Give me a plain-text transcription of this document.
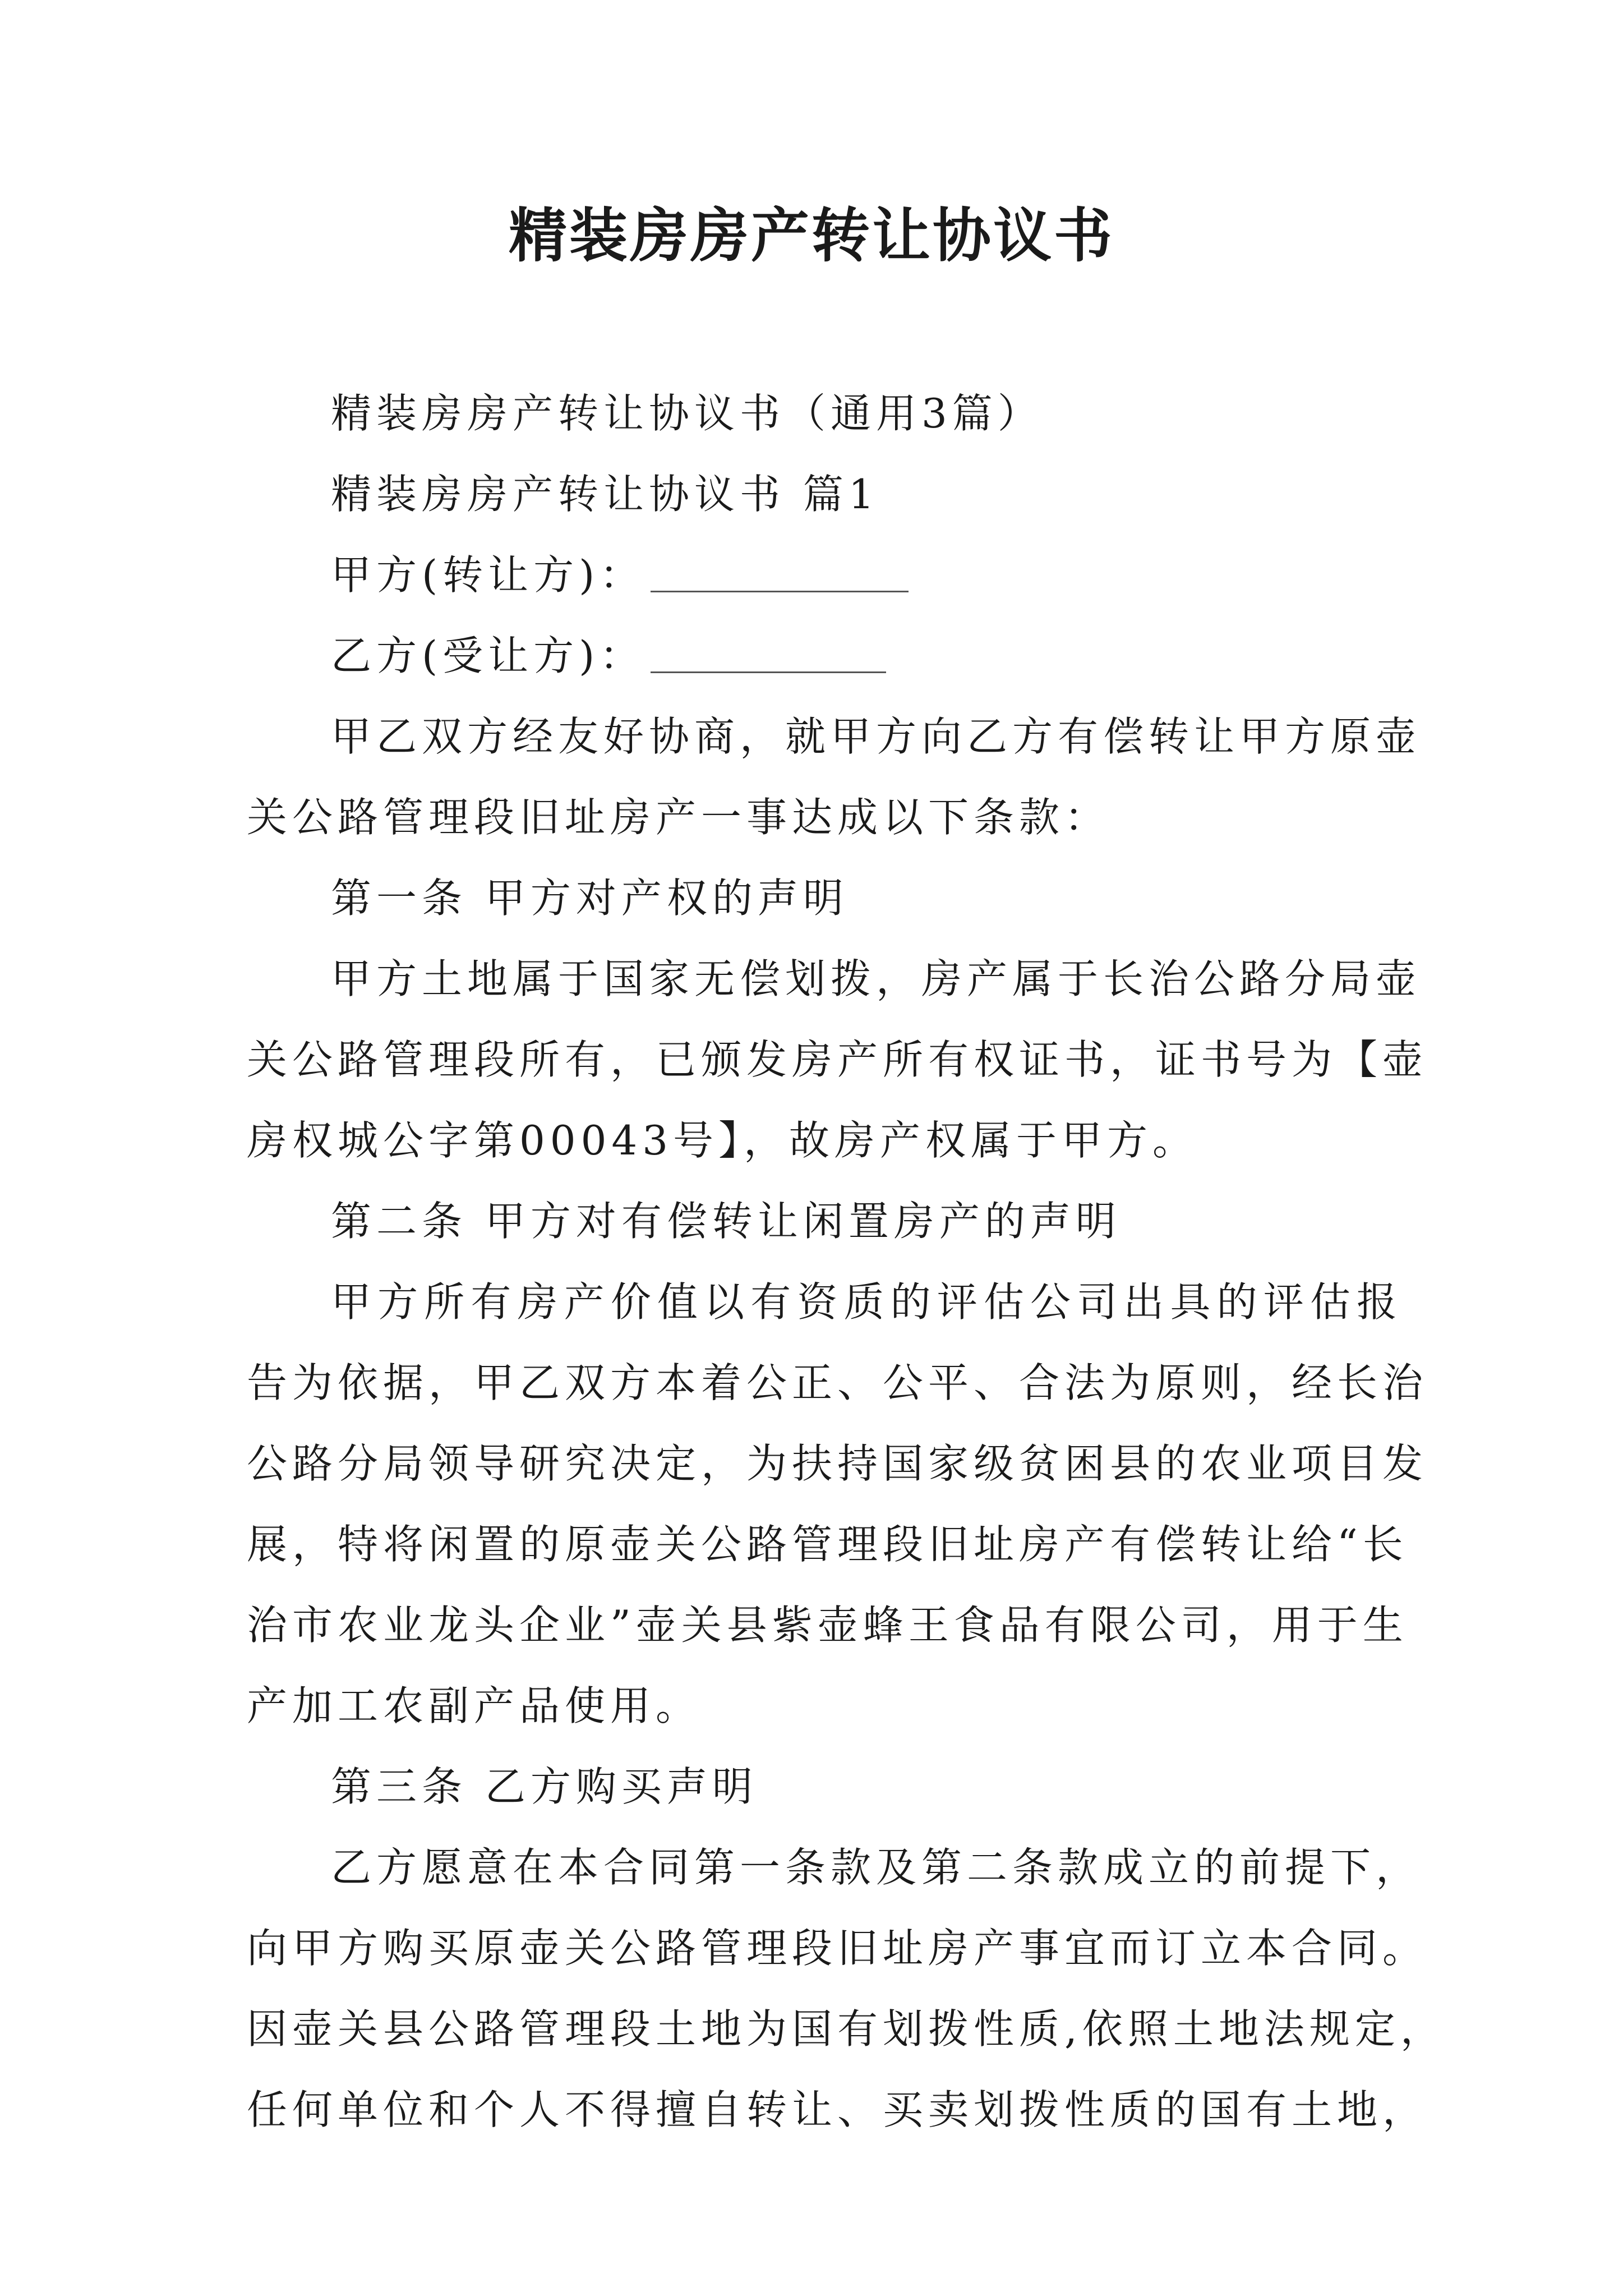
精装房房产转让协议书

精装房房产转让协议书（通用3篇）

精装房房产转让协议书 篇1

甲方(转让方)：

乙方(受让方)：

甲乙双方经友好协商，就甲方向乙方有偿转让甲方原壶
关公路管理段旧址房产一事达成以下条款：

第一条 甲方对产权的声明

甲方土地属于国家无偿划拨，房产属于长治公路分局壶
关公路管理段所有，已颁发房产所有权证书，证书号为【壶
房权城公字第00043号】，故房产权属于甲方。

第二条 甲方对有偿转让闲置房产的声明

甲方所有房产价值以有资质的评估公司出具的评估报
告为依据，甲乙双方本着公正、公平、合法为原则，经长治
公路分局领导研究决定，为扶持国家级贫困县的农业项目发
展，特将闲置的原壶关公路管理段旧址房产有偿转让给“长
治市农业龙头企业”壶关县紫壶蜂王食品有限公司，用于生
产加工农副产品使用。

第三条 乙方购买声明

乙方愿意在本合同第一条款及第二条款成立的前提下，
向甲方购买原壶关公路管理段旧址房产事宜而订立本合同。
因壶关县公路管理段土地为国有划拨性质,依照土地法规定，
任何单位和个人不得擅自转让、买卖划拨性质的国有土地，
